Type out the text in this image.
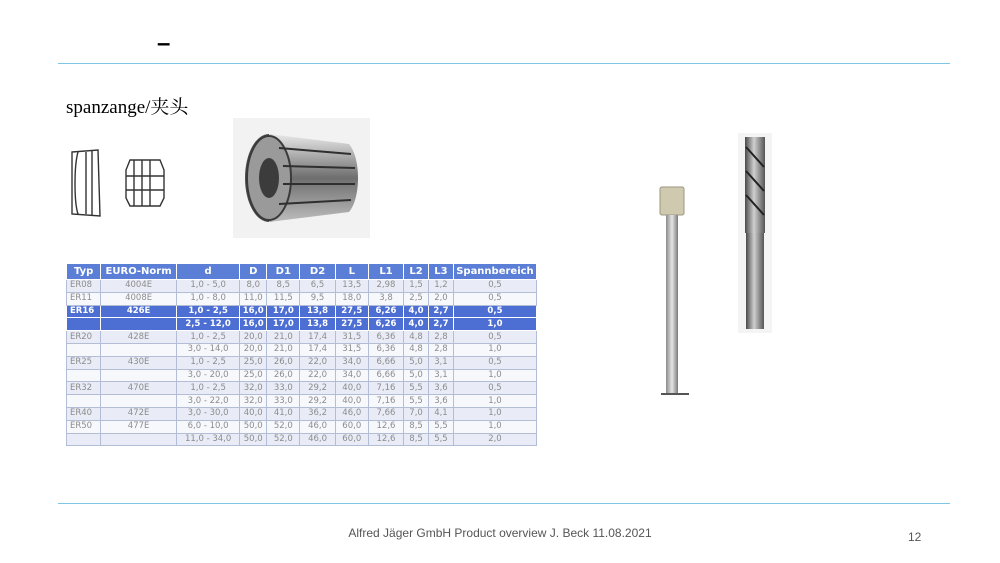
–
spanzange/夹头
Typ	EURO-Norm	d	D	D1	D2	L	L1	L2	L3	Spannbereich
ER08	4004E	1,0 - 5,0	8,0	8,5	6,5	13,5	2,98	1,5	1,2	0,5
ER11	4008E	1,0 - 8,0	11,0	11,5	9,5	18,0	3,8	2,5	2,0	0,5
ER16	426E	1,0 - 2,5	16,0	17,0	13,8	27,5	6,26	4,0	2,7	0,5
		2,5 - 12,0	16,0	17,0	13,8	27,5	6,26	4,0	2,7	1,0
ER20	428E	1,0 - 2,5	20,0	21,0	17,4	31,5	6,36	4,8	2,8	0,5
		3,0 - 14,0	20,0	21,0	17,4	31,5	6,36	4,8	2,8	1,0
ER25	430E	1,0 - 2,5	25,0	26,0	22,0	34,0	6,66	5,0	3,1	0,5
		3,0 - 20,0	25,0	26,0	22,0	34,0	6,66	5,0	3,1	1,0
ER32	470E	1,0 - 2,5	32,0	33,0	29,2	40,0	7,16	5,5	3,6	0,5
		3,0 - 22,0	32,0	33,0	29,2	40,0	7,16	5,5	3,6	1,0
ER40	472E	3,0 - 30,0	40,0	41,0	36,2	46,0	7,66	7,0	4,1	1,0
ER50	477E	6,0 - 10,0	50,0	52,0	46,0	60,0	12,6	8,5	5,5	1,0
		11,0 - 34,0	50,0	52,0	46,0	60,0	12,6	8,5	5,5	2,0
Alfred Jäger GmbH Product overview J. Beck 11.08.2021	12
